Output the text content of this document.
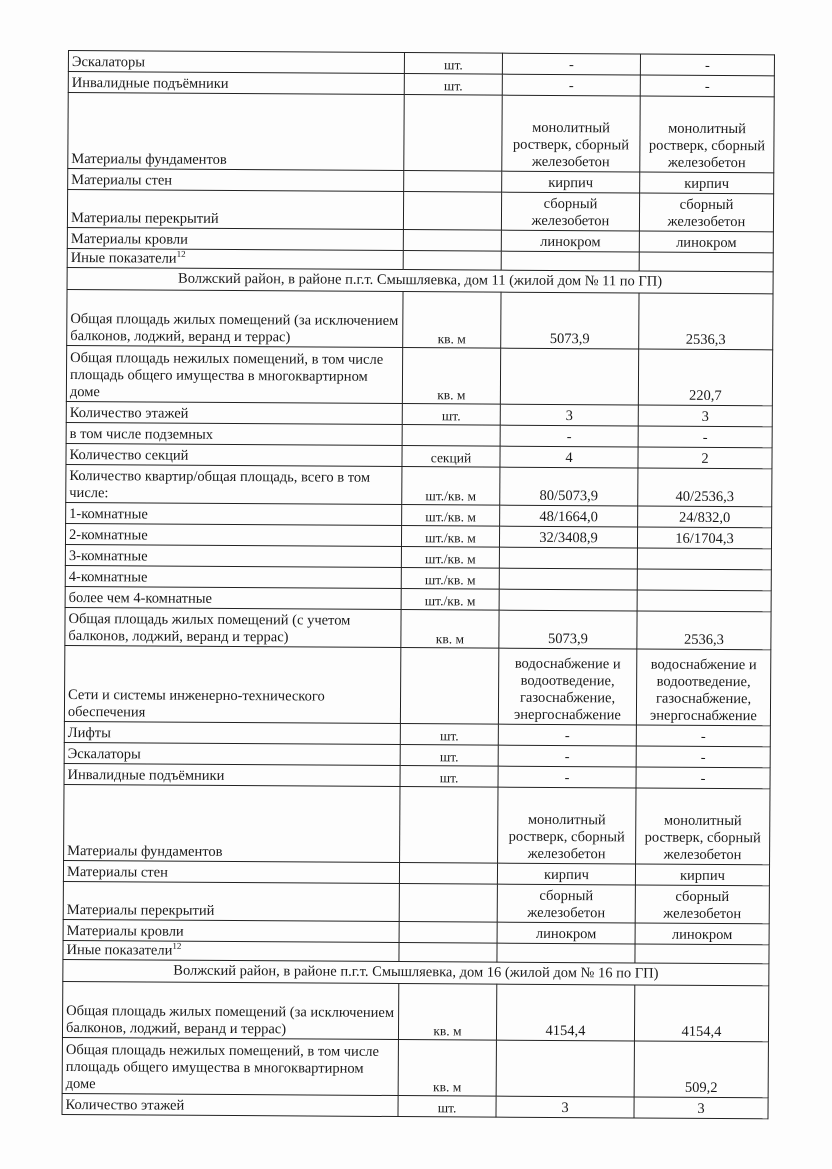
Эскалаторы	шт.	-	-
Инвалидные подъёмники	шт.	-	-
Материалы фундаментов		монолитный ростверк, сборный железобетон	монолитный ростверк, сборный железобетон
Материалы стен		кирпич	кирпич
Материалы перекрытий		сборный железобетон	сборный железобетон
Материалы кровли		линокром	линокром
Иные показатели$^{12}$			
Волжский район, в районе п.г.т. Смышляевка, дом 11 (жилой дом № 11 по ГП)			
Общая площадь жилых помещений (за исключением балконов, лоджий, веранд и террас)	кв. м	5073,9	2536,3
Общая площадь нежилых помещений, в том числе площадь общего имущества в многоквартирном доме	кв. м		220,7
Количество этажей	шт.	3	3
в том числе подземных		-	-
Количество секций	секций	4	2
Количество квартир/общая площадь, всего в том числе:	шт./кв. м	80/5073,9	40/2536,3
1-комнатные	шт./кв. м	48/1664,0	24/832,0
2-комнатные	шт./кв. м	32/3408,9	16/1704,3
3-комнатные	шт./кв. м		
4-комнатные	шт./кв. м		
более чем 4-комнатные	шт./кв. м		
Общая площадь жилых помещений (с учетом балконов, лоджий, веранд и террас)	кв. м	5073,9	2536,3
Сети и системы инженерно-технического обеспечения		водоснабжение и водоотведение, газоснабжение, энергоснабжение	водоснабжение и водоотведение, газоснабжение, энергоснабжение
Лифты	шт.	-	-
Эскалаторы	шт.	-	-
Инвалидные подъёмники	шт.	-	-
Материалы фундаментов		монолитный ростверк, сборный железобетон	монолитный ростверк, сборный железобетон
Материалы стен		кирпич	кирпич
Материалы перекрытий		сборный железобетон	сборный железобетон
Материалы кровли		линокром	линокром
Иные показатели$^{12}$			
Волжский район, в районе п.г.т. Смышляевка, дом 16 (жилой дом № 16 по ГП)			
Общая площадь жилых помещений (за исключением балконов, лоджий, веранд и террас)	кв. м	4154,4	4154,4
Общая площадь нежилых помещений, в том числе площадь общего имущества в многоквартирном доме	кв. м		509,2
Количество этажей	шт.	3	3
